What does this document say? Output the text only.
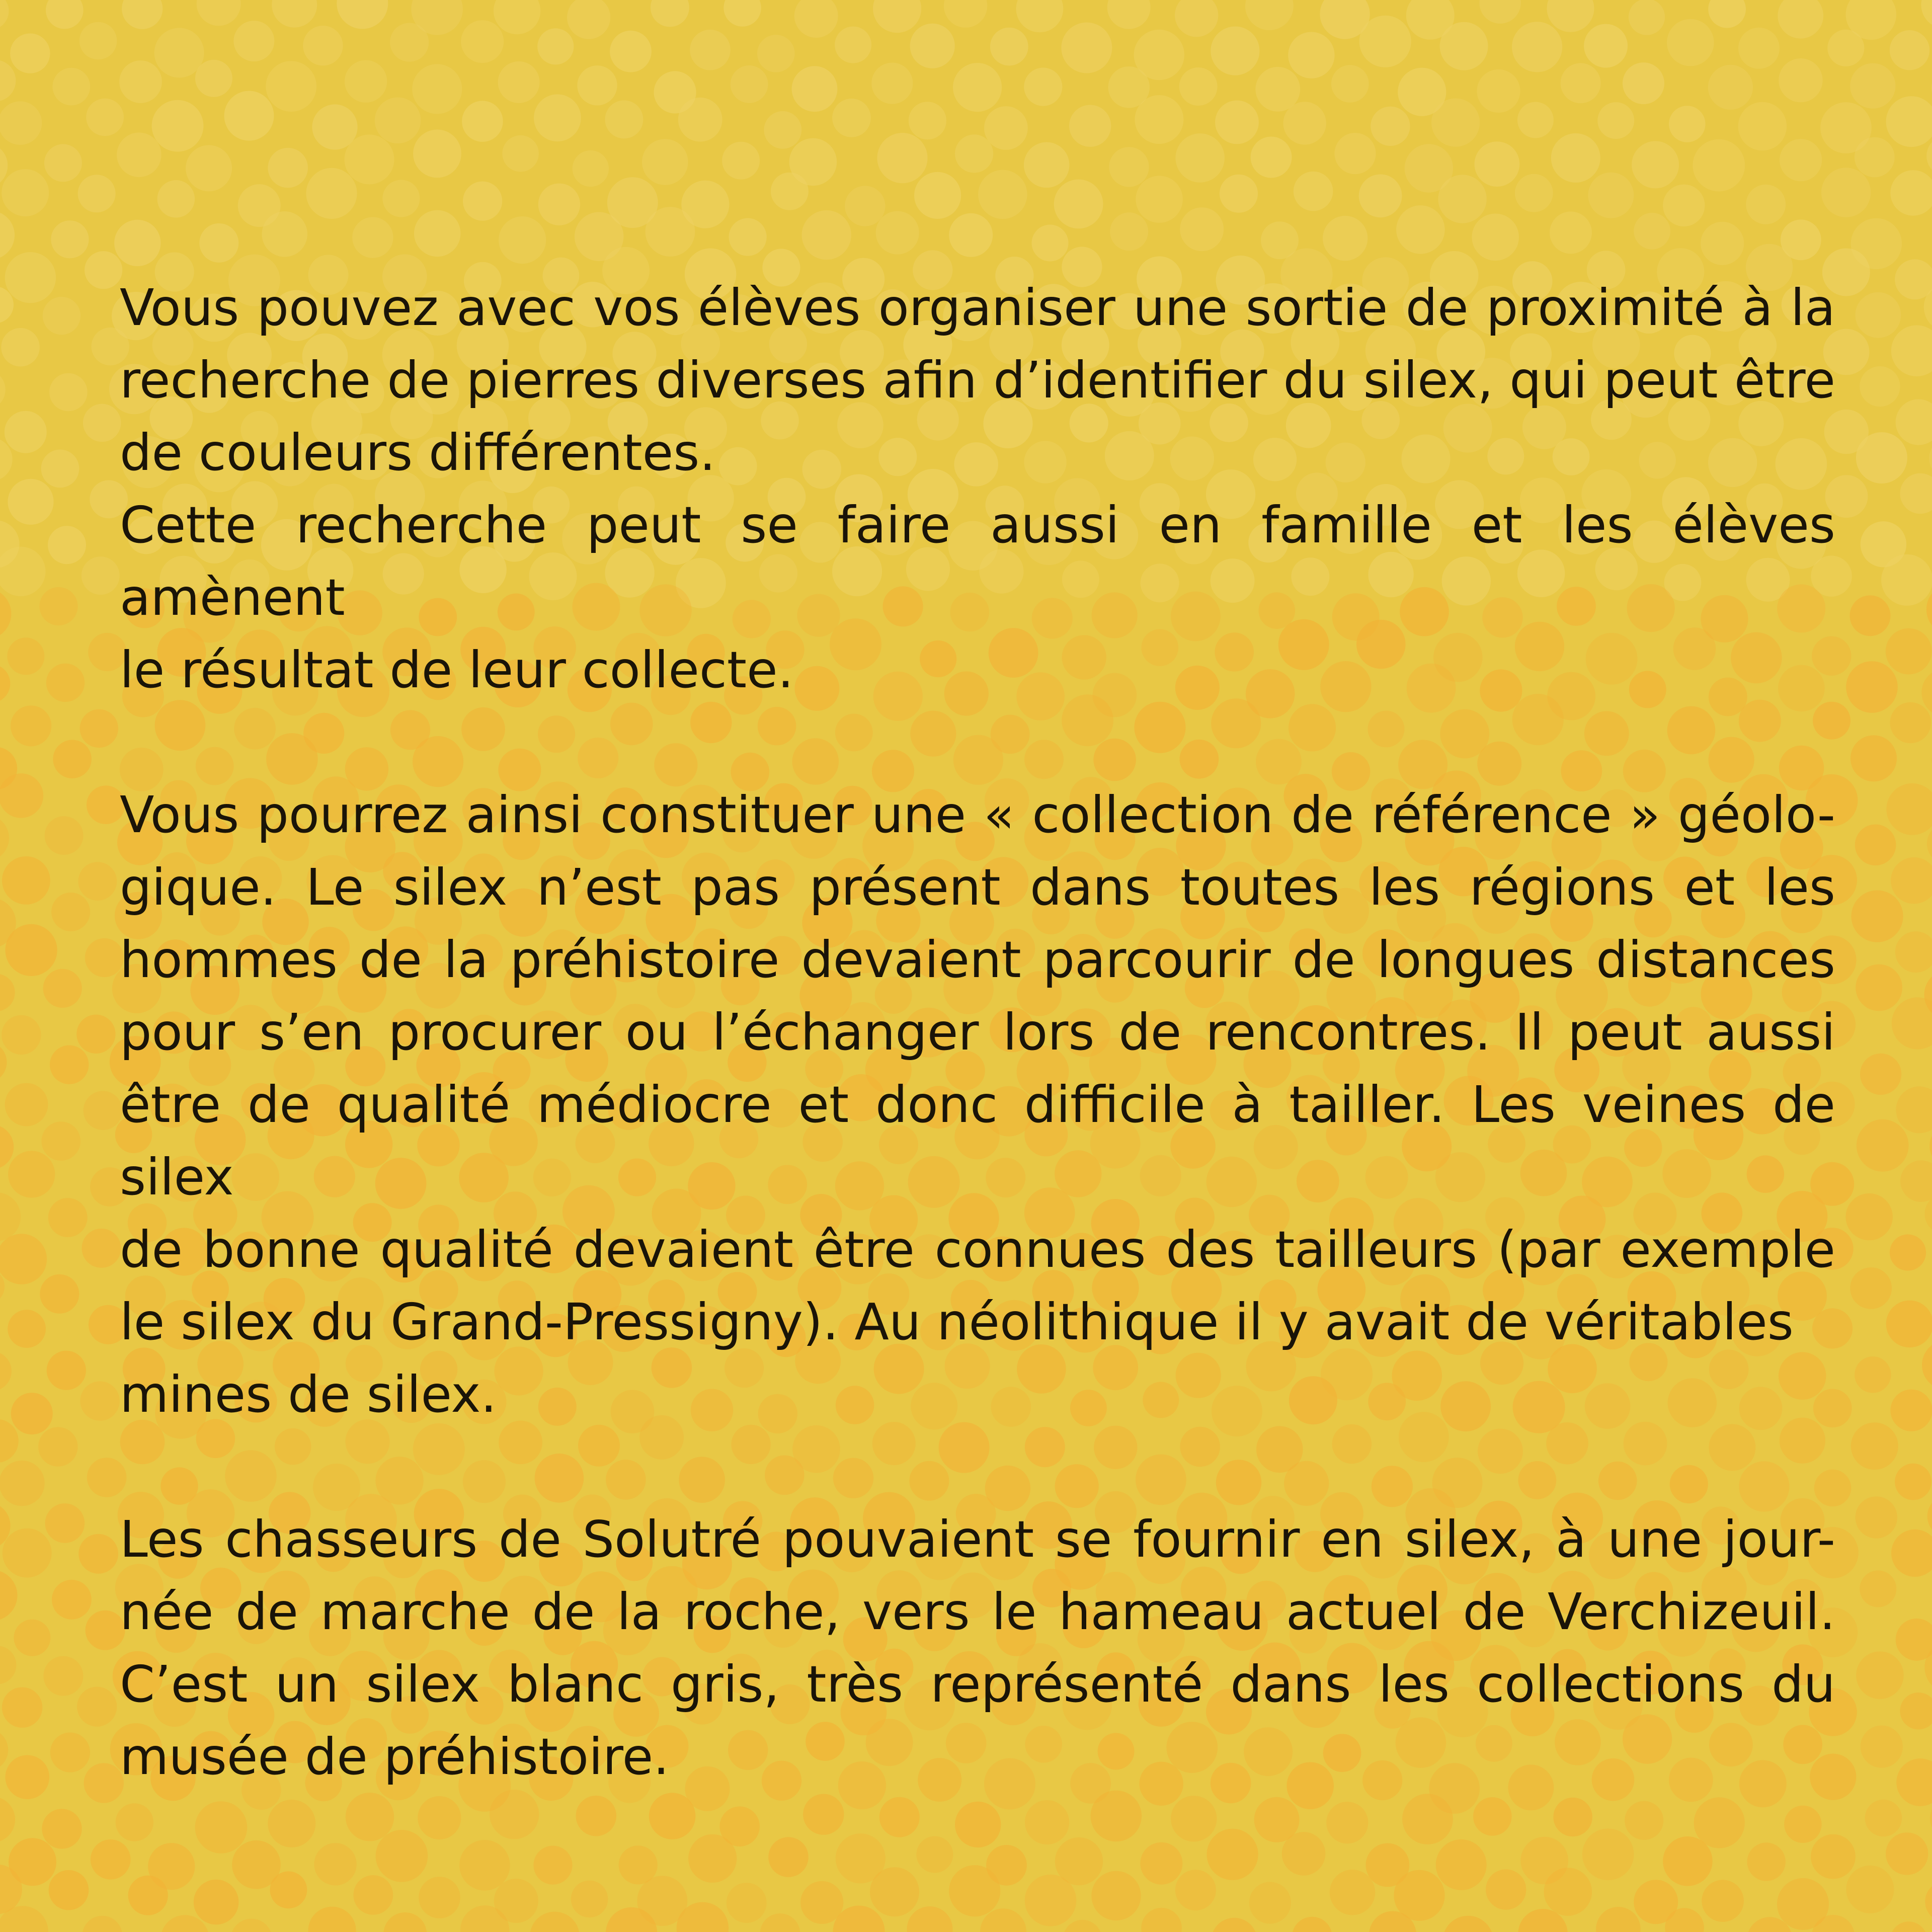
Vous pouvez avec vos élèves organiser une sortie de proximité à la
recherche de pierres diverses afin d’identifier du silex, qui peut être
de couleurs différentes.
Cette recherche peut se faire aussi en famille et les élèves amènent
le résultat de leur collecte.
Vous pourrez ainsi constituer une « collection de référence » géolo-
gique. Le silex n’est pas présent dans toutes les régions et les
hommes de la préhistoire devaient parcourir de longues distances
pour s’en procurer ou l’échanger lors de rencontres. Il peut aussi
être de qualité médiocre et donc difficile à tailler. Les veines de silex
de bonne qualité devaient être connues des tailleurs (par exemple
le silex du Grand-Pressigny). Au néolithique il y avait de véritables
mines de silex.
Les chasseurs de Solutré pouvaient se fournir en silex, à une jour-
née de marche de la roche, vers le hameau actuel de Verchizeuil.
C’est un silex blanc gris, très représenté dans les collections du
musée de préhistoire.
